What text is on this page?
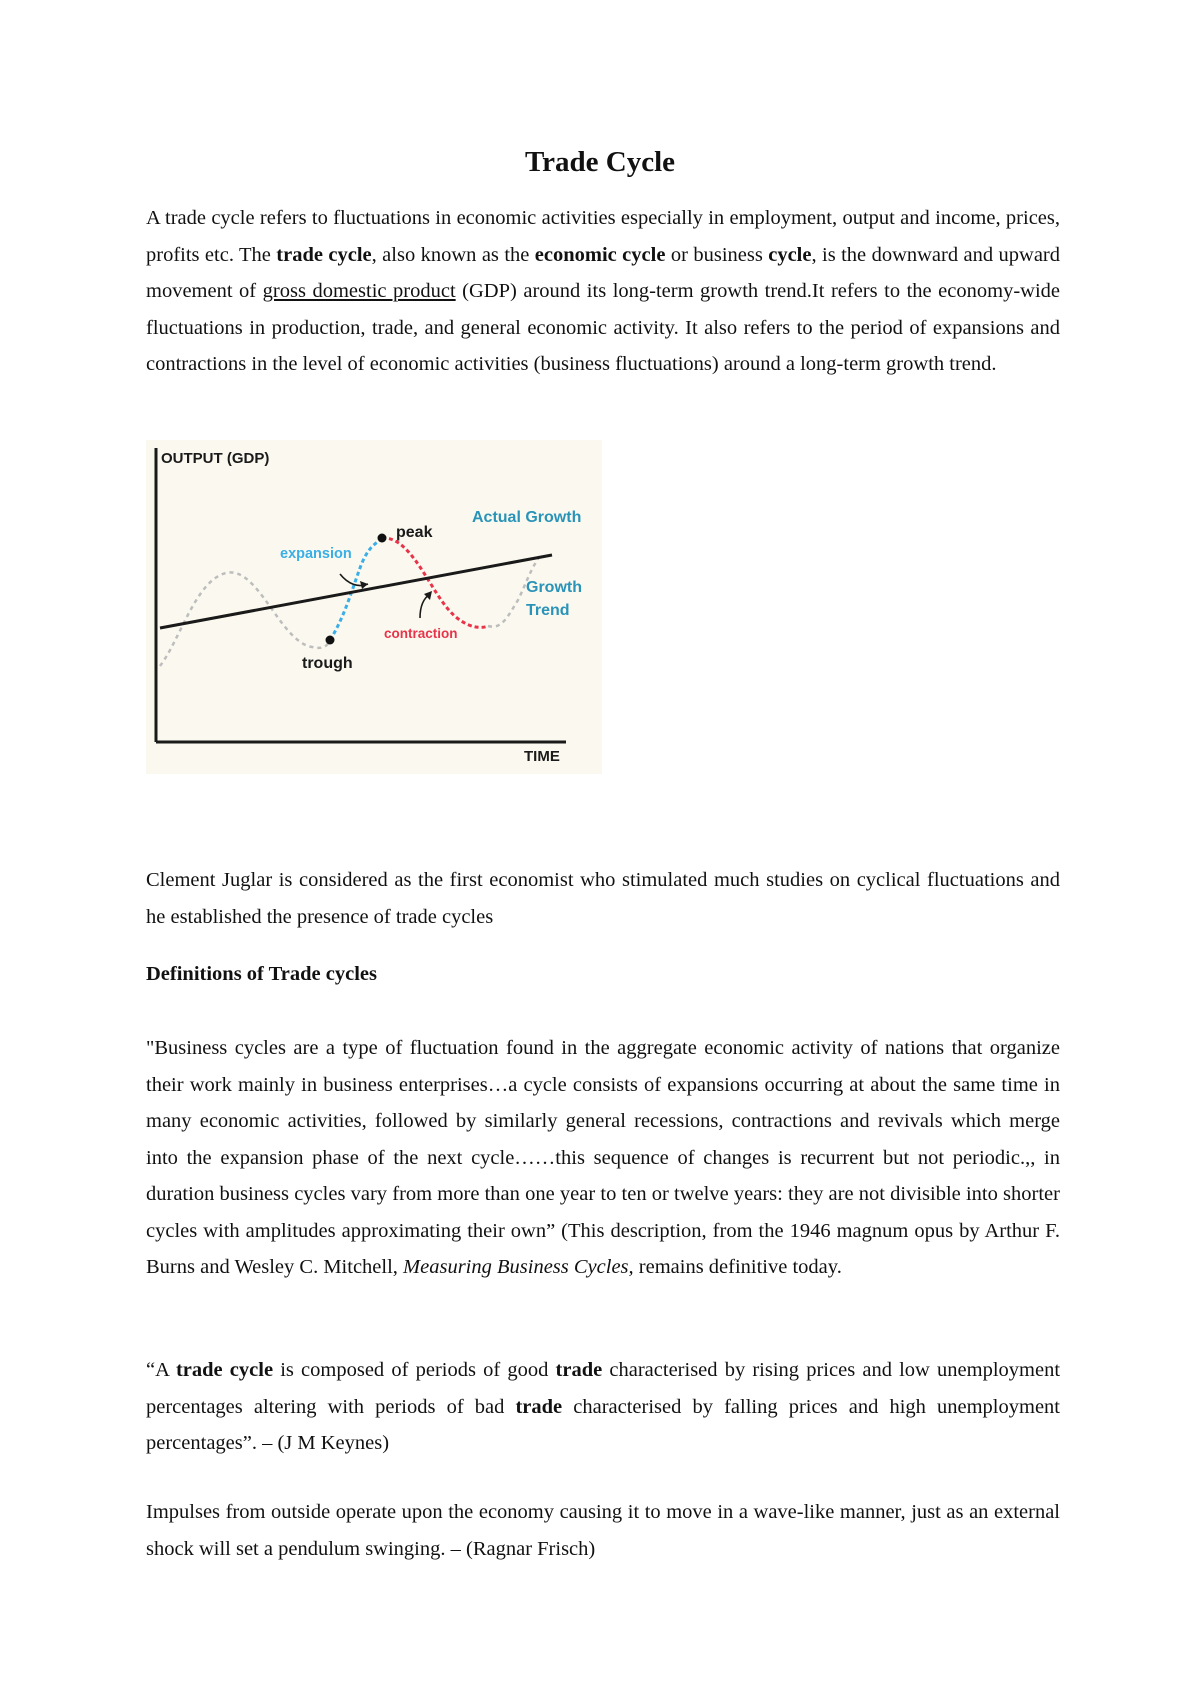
Trade Cycle

A trade cycle refers to fluctuations in economic activities especially in employment, output and income, prices, profits etc. The trade cycle, also known as the economic cycle or business cycle, is the downward and upward movement of gross domestic product (GDP) around its long-term growth trend.It refers to the economy-wide fluctuations in production, trade, and general economic activity. It also refers to the period of expansions and contractions in the level of economic activities (business fluctuations) around a long-term growth trend.

OUTPUT (GDP)
TIME
peak
trough
expansion
contraction
Actual Growth
Growth
Trend

Clement Juglar is considered as the first economist who stimulated much studies on cyclical fluctuations and he established the presence of trade cycles

Definitions of Trade cycles

"Business cycles are a type of fluctuation found in the aggregate economic activity of nations that organize their work mainly in business enterprises…a cycle consists of expansions occurring at about the same time in many economic activities, followed by similarly general recessions, contractions and revivals which merge into the expansion phase of the next cycle……this sequence of changes is recurrent but not periodic.,, in duration business cycles vary from more than one year to ten or twelve years: they are not divisible into shorter cycles with amplitudes approximating their own” (This description, from the 1946 magnum opus by Arthur F. Burns and Wesley C. Mitchell, Measuring Business Cycles, remains definitive today.

“A trade cycle is composed of periods of good trade characterised by rising prices and low unemployment percentages altering with periods of bad trade characterised by falling prices and high unemployment percentages”. – (J M Keynes)

Impulses from outside operate upon the economy causing it to move in a wave-like manner, just as an external shock will set a pendulum swinging. – (Ragnar Frisch)
